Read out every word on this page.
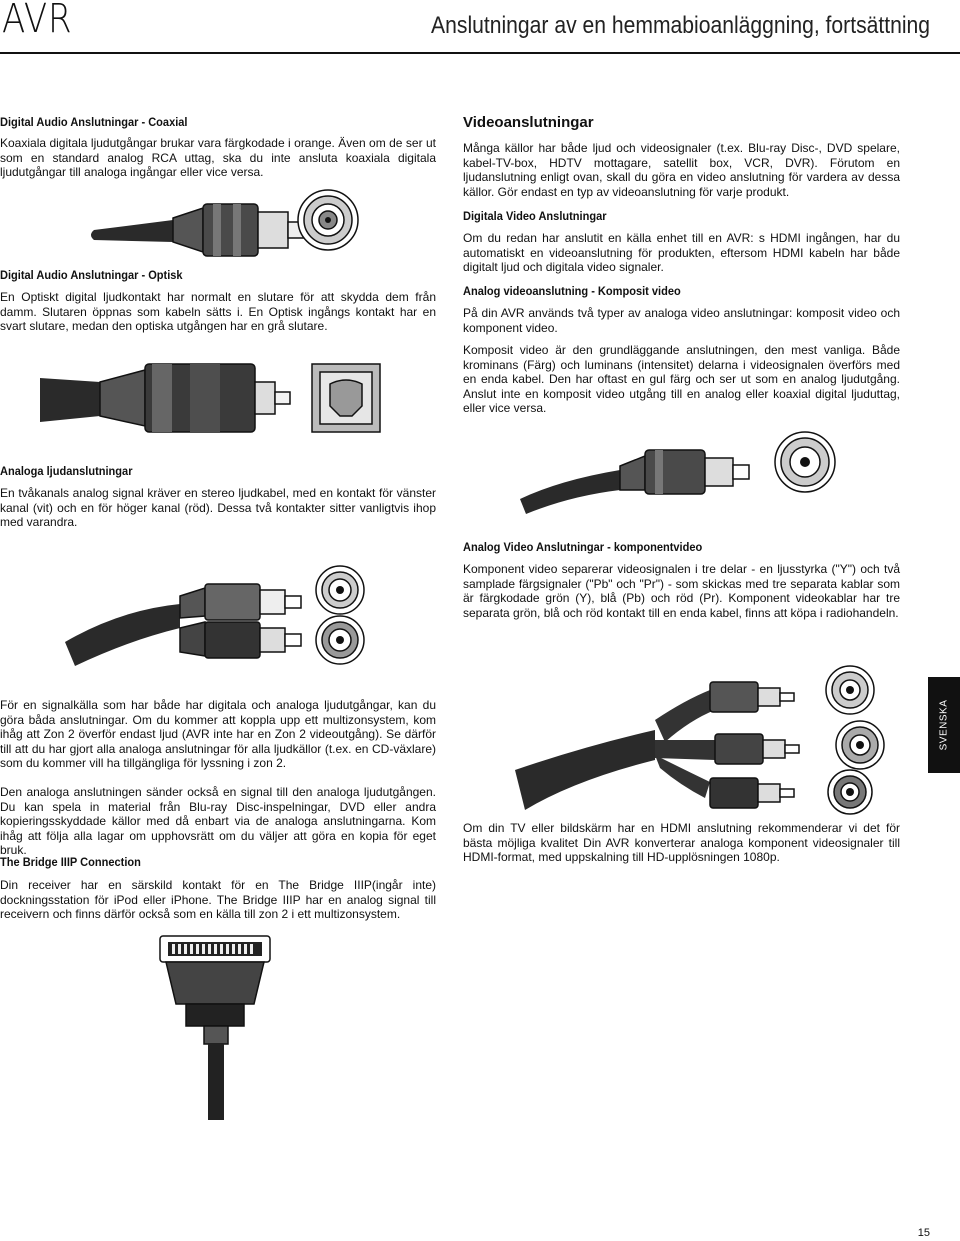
AVR	Anslutningar av en hemmabioanläggning, fortsättning
Digital Audio Anslutningar - Coaxial
Koaxiala digitala ljudutgångar brukar vara färgkodade i orange. Även om de ser ut som en standard analog RCA uttag, ska du inte ansluta koaxiala digitala ljudutgångar till analoga ingångar eller vice versa.
Digital Audio Anslutningar - Optisk
En Optiskt digital ljudkontakt har normalt en slutare för att skydda dem från damm. Slutaren öppnas som kabeln sätts i. En Optisk ingångs kontakt har en svart slutare, medan den optiska utgången har en grå slutare.
Analoga ljudanslutningar
En tvåkanals analog signal kräver en stereo ljudkabel, med en kontakt för vänster kanal (vit) och en för höger kanal (röd). Dessa två kontakter sitter vanligtvis ihop med varandra.
För en signalkälla som har både har digitala och analoga ljudutgångar, kan du göra båda anslutningar. Om du kommer att koppla upp ett multizonsystem, kom ihåg att Zon 2 överför endast ljud (AVR inte har en Zon 2 videoutgång). Se därför till att du har gjort alla analoga anslutningar för alla ljudkällor (t.ex. en CD-växlare) som du kommer vill ha tillgängliga för lyssning i zon 2.
Den analoga anslutningen sänder också en signal till den analoga ljudutgången. Du kan spela in material från Blu-ray Disc-inspelningar, DVD eller andra kopieringsskyddade källor med då enbart via de analoga anslutningarna. Kom ihåg att följa alla lagar om upphovsrätt om du väljer att göra en kopia för eget bruk.
The Bridge IIIP Connection
Din receiver har en särskild kontakt för en The Bridge IIIP(ingår inte) dockningsstation för iPod eller iPhone. The Bridge IIIP har en analog signal till receivern och finns därför också som en källa till zon 2 i ett multizonsystem.
Videoanslutningar
Många källor har både ljud och videosignaler (t.ex. Blu-ray Disc-, DVD spelare, kabel-TV-box, HDTV mottagare, satellit box, VCR, DVR). Förutom en ljudanslutning enligt ovan, skall du göra en video anslutning för vardera av dessa källor. Gör endast en typ av videoanslutning för varje produkt.
Digitala Video Anslutningar
Om du redan har anslutit en källa enhet till en AVR: s HDMI ingången, har du automatiskt en videoanslutning för produkten, eftersom HDMI kabeln har både digitalt ljud och digitala video signaler.
Analog videoanslutning - Komposit video
På din AVR används två typer av analoga video anslutningar: komposit video och komponent video.
Komposit video är den grundläggande anslutningen, den mest vanliga. Både krominans (Färg) och luminans (intensitet) delarna i videosignalen överförs med en enda kabel. Den har oftast en gul färg och ser ut som en analog ljudutgång. Anslut inte en komposit video utgång till en analog eller koaxial digital ljuduttag, eller vice versa.
Analog Video Anslutningar - komponentvideo
Komponent video separerar videosignalen i tre delar - en ljusstyrka ("Y") och två samplade färgsignaler ("Pb" och "Pr") - som skickas med tre separata kablar som är färgkodade grön (Y), blå (Pb) och röd (Pr). Komponent videokablar har tre separata grön, blå och röd kontakt till en enda kabel, finns att köpa i radiohandeln.
Om din TV eller bildskärm har en HDMI anslutning rekommenderar vi det för bästa möjliga kvalitet Din AVR konverterar analoga komponent videosignaler till HDMI-format, med uppskalning till HD-upplösningen 1080p.
SVENSKA
15
